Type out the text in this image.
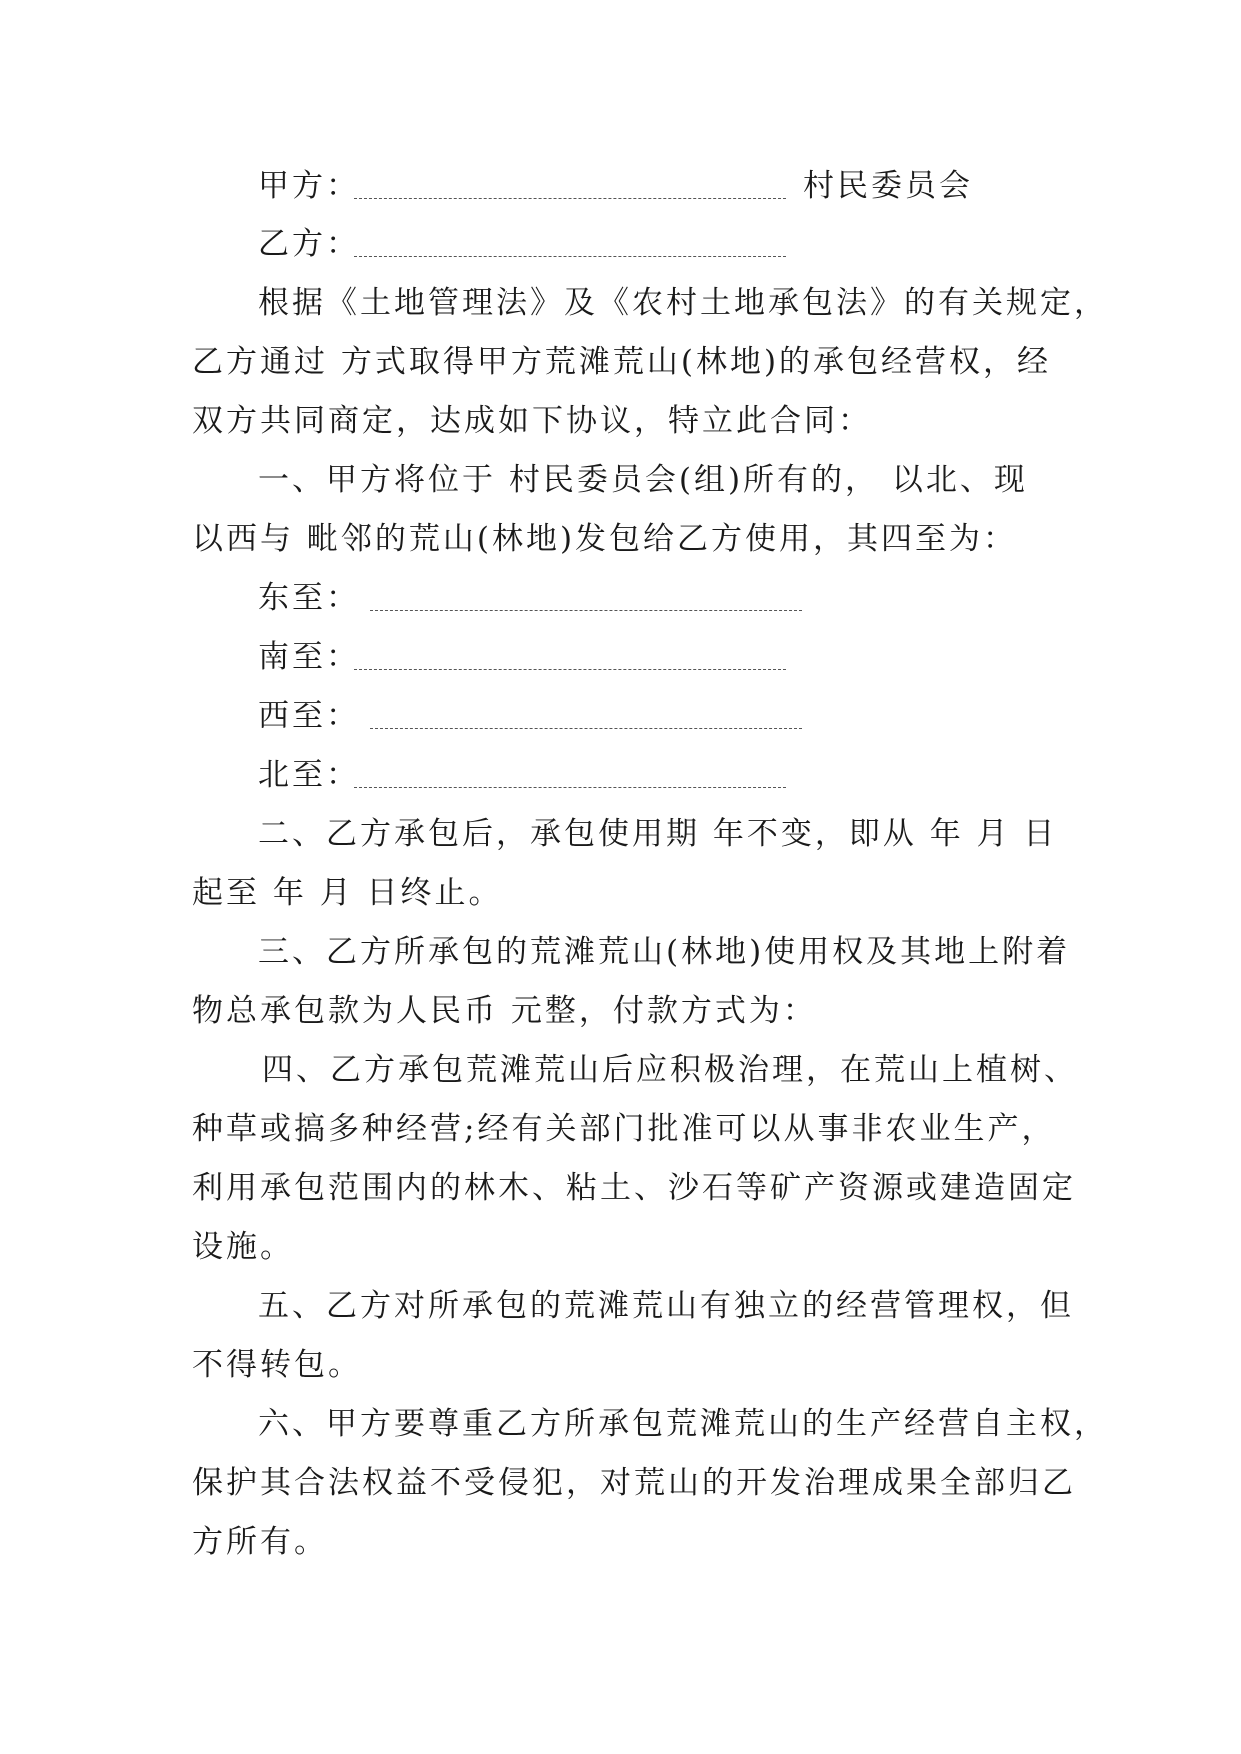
甲方：	村民委员会
乙方：
根据《土地管理法》及《农村土地承包法》的有关规定，
乙方通过 方式取得甲方荒滩荒山(林地)的承包经营权，经
双方共同商定，达成如下协议，特立此合同：
一、甲方将位于 村民委员会(组)所有的， 以北、现
以西与 毗邻的荒山(林地)发包给乙方使用，其四至为：
东至：
南至：
西至：
北至：
二、乙方承包后，承包使用期 年不变，即从 年 月 日
起至 年 月 日终止。
三、乙方所承包的荒滩荒山(林地)使用权及其地上附着
物总承包款为人民币 元整，付款方式为：
四、乙方承包荒滩荒山后应积极治理，在荒山上植树、
种草或搞多种经营;经有关部门批准可以从事非农业生产，
利用承包范围内的林木、粘土、沙石等矿产资源或建造固定
设施。
五、乙方对所承包的荒滩荒山有独立的经营管理权，但
不得转包。
六、甲方要尊重乙方所承包荒滩荒山的生产经营自主权，
保护其合法权益不受侵犯，对荒山的开发治理成果全部归乙
方所有。
